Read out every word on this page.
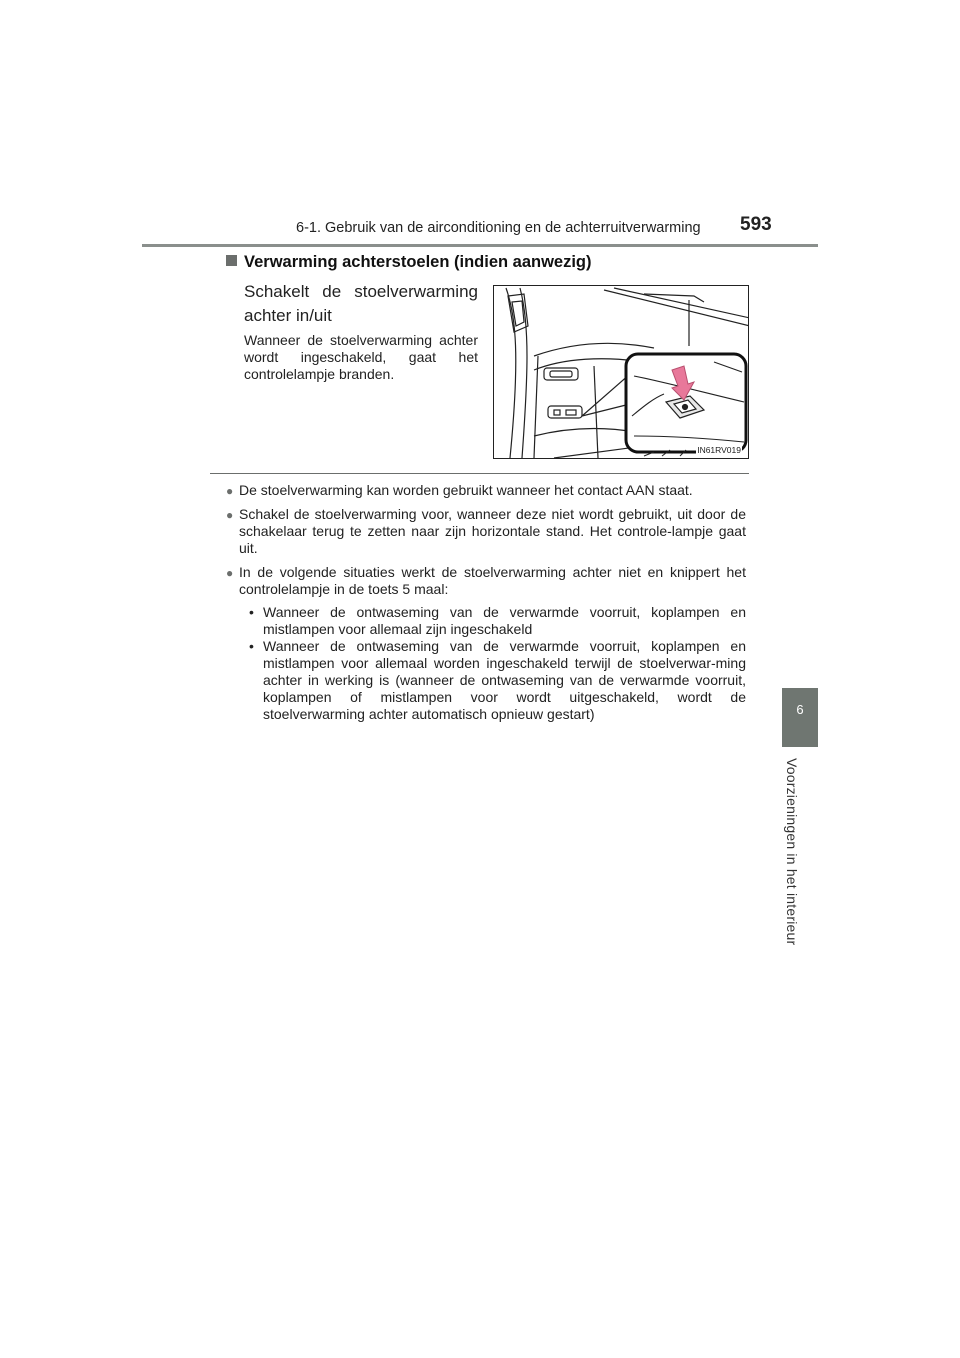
6-1. Gebruik van de airconditioning en de achterruitverwarming 593
6
Voorzieningen in het interieur
Verwarming achterstoelen (indien aanwezig)
Schakelt de stoelverwarming achter in/uit
Wanneer de stoelverwarming achter wordt ingeschakeld, gaat het controlelampje branden.
IN61RV019
● De stoelverwarming kan worden gebruikt wanneer het contact AAN staat.
● Schakel de stoelverwarming voor, wanneer deze niet wordt gebruikt, uit door de schakelaar terug te zetten naar zijn horizontale stand. Het controle-lampje gaat uit.
● In de volgende situaties werkt de stoelverwarming achter niet en knippert het controlelampje in de toets 5 maal:
• Wanneer de ontwaseming van de verwarmde voorruit, koplampen en mistlampen voor allemaal zijn ingeschakeld
• Wanneer de ontwaseming van de verwarmde voorruit, koplampen en mistlampen voor allemaal worden ingeschakeld terwijl de stoelverwar-ming achter in werking is (wanneer de ontwaseming van de verwarmde voorruit, koplampen of mistlampen voor wordt uitgeschakeld, wordt de stoelverwarming achter automatisch opnieuw gestart)
